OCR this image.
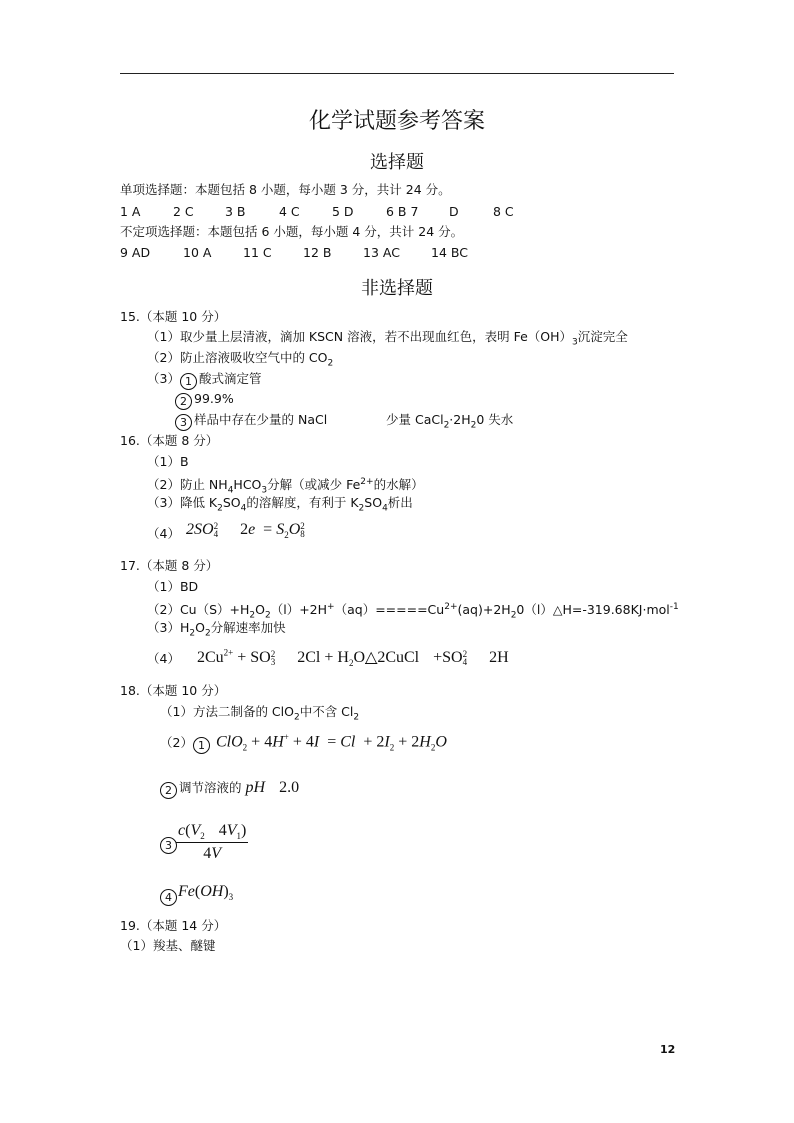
化学试题参考答案
选择题
单项选择题：本题包括 8 小题，每小题 3 分，共计 24 分。
1 A	2 C	3 B	4 C	5 D	6 B 7 D	8 C
不定项选择题：本题包括 6 小题，每小题 4 分，共计 24 分。
9 AD	10 A	11 C	12 B	13 AC 14 BC
非选择题
15.（本题 10 分）
（1）取少量上层清液，滴加 KSCN 溶液，若不出现血红色，表明 $Fe(OH)_3$沉淀完全
（2）防止溶液吸收空气中的 $CO_2$
（3） 1 酸式滴定管
2 99.9%
3 样品中存在少量的 NaCl	少量 $CaCl_2\cdot 2H_20$ 失水
16.（本题 8 分）
（1）B
（2）防止 $NH_4HCO_3$分解（或减少 $Fe^{2+}$的水解）
（3）降低 $K_2SO_4$的溶解度，有利于 $K_2SO_4$析出
（4） 2SO 2
4 $2e = S_2O$ 2
8
17.（本题 8 分）
（1）BD
$(2)Cu(S)+H_2O_2(l)+2H^+(aq)=====Cu^{2+}(aq)+2H_20(l)\triangle H=-319.68KJ\cdot mol^{-1}$
$(3)H_2O_2$分解速率加快
（4） $2Cu^{2+}$ + SO 2
3 $2Cl + H_2O\triangle 2CuCl +SO$ 2
4 2H
18.（本题 10 分）
（1）方法二制备的 ClO$_2$中不含 $Cl_2$
（2） 1 $ClO_2 + 4H^+ + 4I = Cl + 2I_2 + 2H_2O$
2 调节溶液的 pH 2.0
$3 \frac{c(V_2 4V_1)}{4V}$
4 $Fe(OH)_3$
19.（本题 14 分）
（1）羧基、醚键
12
